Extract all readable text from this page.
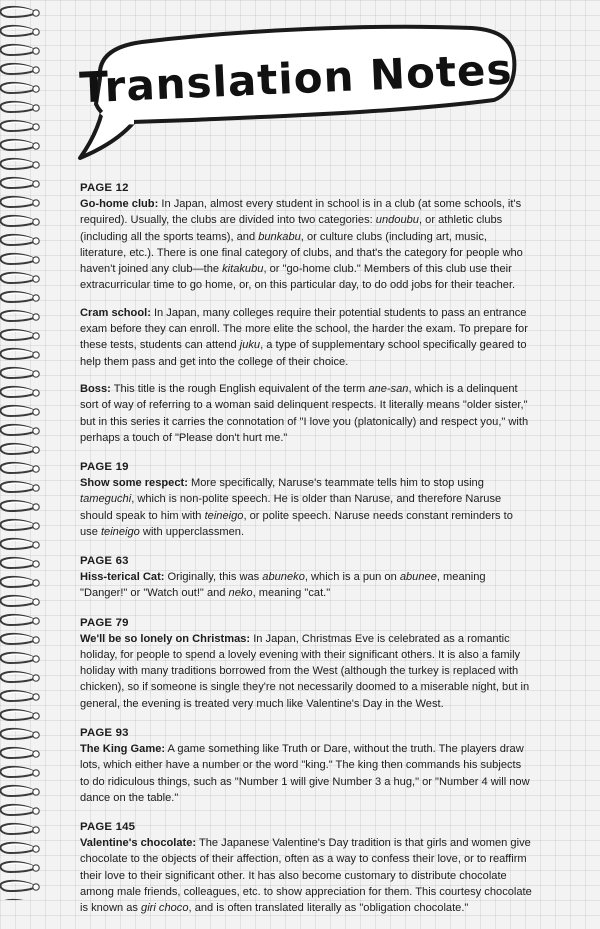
Translation Notes
PAGE 12

Go-home club: In Japan, almost every student in school is in a club (at some schools, it's required). Usually, the clubs are divided into two categories: undoubu, or athletic clubs (including all the sports teams), and bunkabu, or culture clubs (including art, music, literature, etc.). There is one final category of clubs, and that's the category for people who haven't joined any club—the kitakubu, or "go-home club." Members of this club use their extracurricular time to go home, or, on this particular day, to do odd jobs for their teacher.

Cram school: In Japan, many colleges require their potential students to pass an entrance exam before they can enroll. The more elite the school, the harder the exam. To prepare for these tests, students can attend juku, a type of supplementary school specifically geared to help them pass and get into the college of their choice.

Boss: This title is the rough English equivalent of the term ane-san, which is a delinquent sort of way of referring to a woman said delinquent respects. It literally means "older sister," but in this series it carries the connotation of "I love you (platonically) and respect you," with perhaps a touch of "Please don't hurt me."

PAGE 19

Show some respect: More specifically, Naruse's teammate tells him to stop using tameguchi, which is non-polite speech. He is older than Naruse, and therefore Naruse should speak to him with teineigo, or polite speech. Naruse needs constant reminders to use teineigo with upperclassmen.

PAGE 63

Hiss-terical Cat: Originally, this was abuneko, which is a pun on abunee, meaning "Danger!" or "Watch out!" and neko, meaning "cat."

PAGE 79

We'll be so lonely on Christmas: In Japan, Christmas Eve is celebrated as a romantic holiday, for people to spend a lovely evening with their significant others. It is also a family holiday with many traditions borrowed from the West (although the turkey is replaced with chicken), so if someone is single they're not necessarily doomed to a miserable night, but in general, the evening is treated very much like Valentine's Day in the West.

PAGE 93

The King Game: A game something like Truth or Dare, without the truth. The players draw lots, which either have a number or the word "king." The king then commands his subjects to do ridiculous things, such as "Number 1 will give Number 3 a hug," or "Number 4 will now dance on the table."

PAGE 145

Valentine's chocolate: The Japanese Valentine's Day tradition is that girls and women give chocolate to the objects of their affection, often as a way to confess their love, or to reaffirm their love to their significant other. It has also become customary to distribute chocolate among male friends, colleagues, etc. to show appreciation for them. This courtesy chocolate is known as giri choco, and is often translated literally as "obligation chocolate."
